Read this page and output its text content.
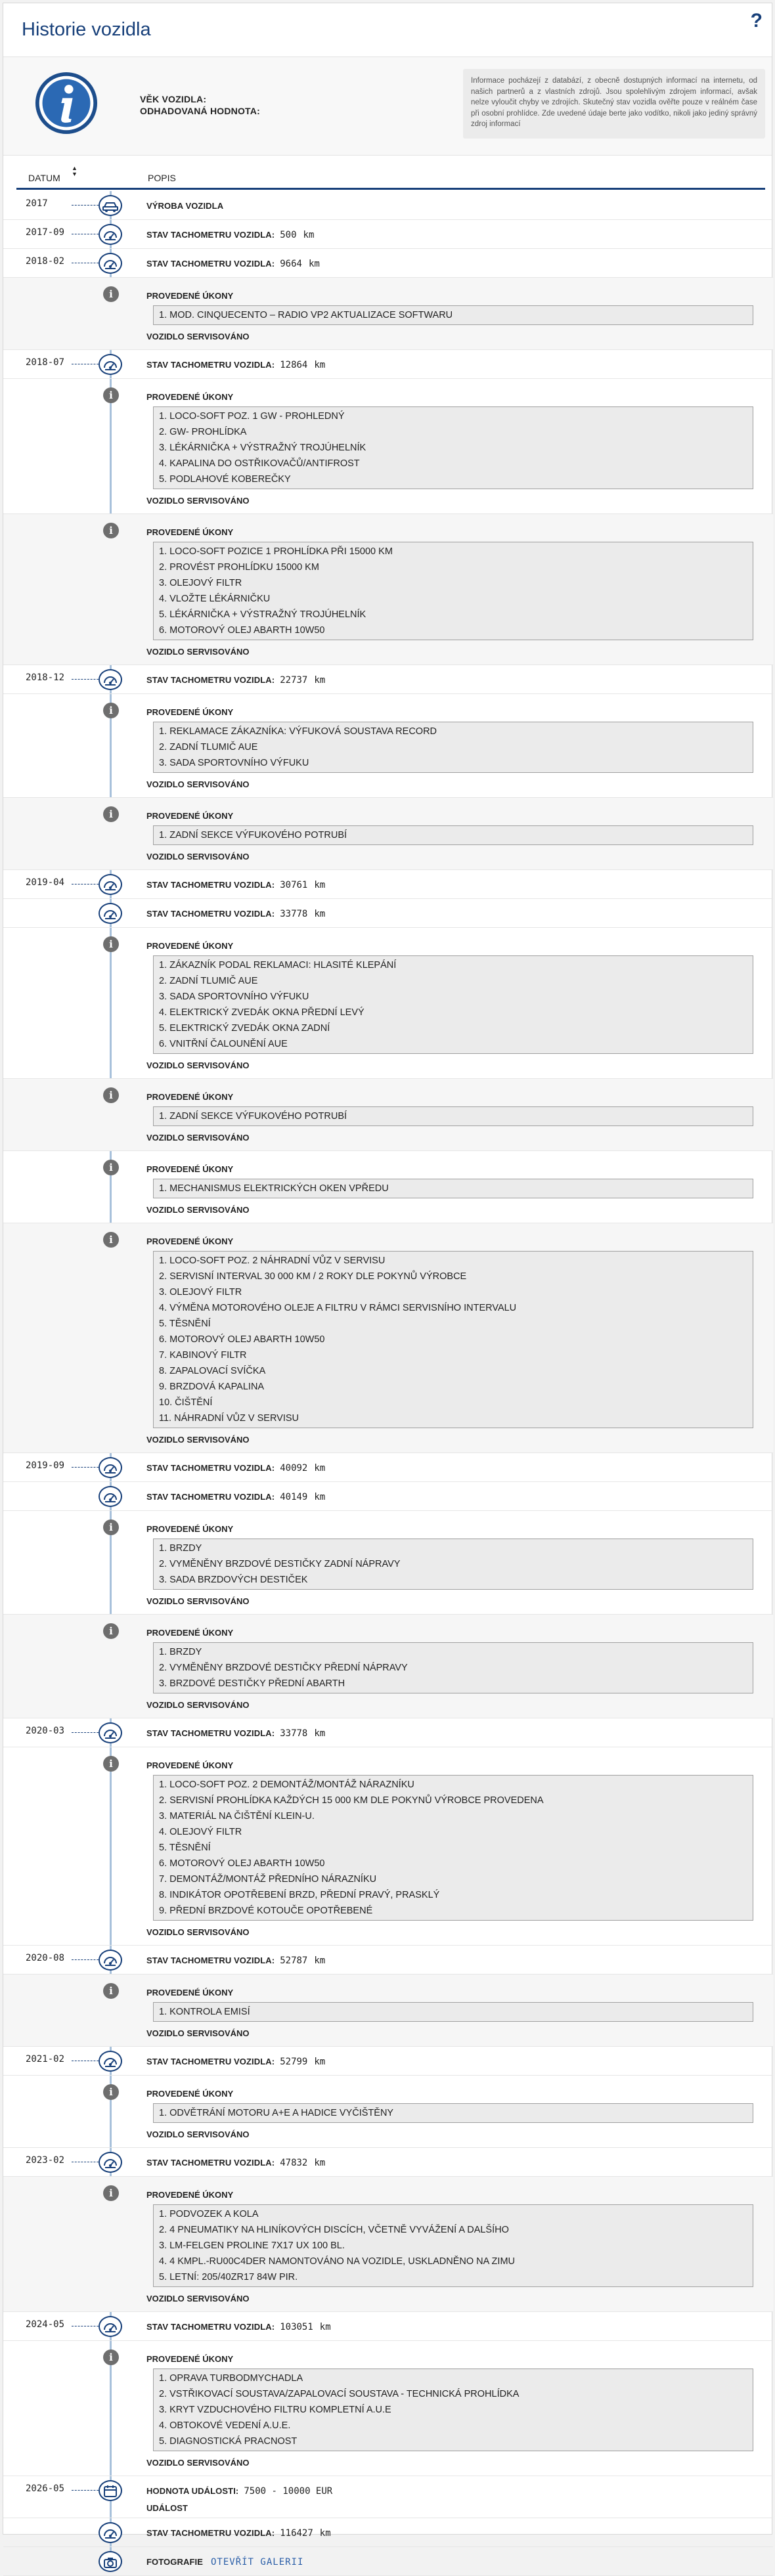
Historie vozidla	?
VĚK VOZIDLA:
ODHADOVANÁ HODNOTA:
Informace pocházejí z databází, z obecně dostupných informací na internetu, od našich partnerů a z vlastních zdrojů. Jsou spolehlivým zdrojem informací, avšak nelze vyloučit chyby ve zdrojích. Skutečný stav vozidla ověřte pouze v reálném čase při osobní prohlídce. Zde uvedené údaje berte jako vodítko, nikoli jako jediný správný zdroj informací
DATUM
▲
▼	POPIS
2017	VÝROBA VOZIDLA
2017-09	STAV TACHOMETRU VOZIDLA: 500 km
2018-02	STAV TACHOMETRU VOZIDLA: 9664 km
i	PROVEDENÉ ÚKONY
1. MOD. CINQUECENTO – RADIO VP2 AKTUALIZACE SOFTWARU
VOZIDLO SERVISOVÁNO
2018-07	STAV TACHOMETRU VOZIDLA: 12864 km
i	PROVEDENÉ ÚKONY
1. LOCO-SOFT POZ. 1 GW - PROHLEDNÝ
2. GW- PROHLÍDKA
3. LÉKÁRNIČKA + VÝSTRAŽNÝ TROJÚHELNÍK
4. KAPALINA DO OSTŘIKOVAČŮ/ANTIFROST
5. PODLAHOVÉ KOBEREČKY
VOZIDLO SERVISOVÁNO
i	PROVEDENÉ ÚKONY
1. LOCO-SOFT POZICE 1 PROHLÍDKA PŘI 15000 KM
2. PROVÉST PROHLÍDKU 15000 KM
3. OLEJOVÝ FILTR
4. VLOŽTE LÉKÁRNIČKU
5. LÉKÁRNIČKA + VÝSTRAŽNÝ TROJÚHELNÍK
6. MOTOROVÝ OLEJ ABARTH 10W50
VOZIDLO SERVISOVÁNO
2018-12	STAV TACHOMETRU VOZIDLA: 22737 km
i	PROVEDENÉ ÚKONY
1. REKLAMACE ZÁKAZNÍKA: VÝFUKOVÁ SOUSTAVA RECORD
2. ZADNÍ TLUMIČ AUE
3. SADA SPORTOVNÍHO VÝFUKU
VOZIDLO SERVISOVÁNO
i	PROVEDENÉ ÚKONY
1. ZADNÍ SEKCE VÝFUKOVÉHO POTRUBÍ
VOZIDLO SERVISOVÁNO
2019-04	STAV TACHOMETRU VOZIDLA: 30761 km
STAV TACHOMETRU VOZIDLA: 33778 km
i	PROVEDENÉ ÚKONY
1. ZÁKAZNÍK PODAL REKLAMACI: HLASITÉ KLEPÁNÍ
2. ZADNÍ TLUMIČ AUE
3. SADA SPORTOVNÍHO VÝFUKU
4. ELEKTRICKÝ ZVEDÁK OKNA PŘEDNÍ LEVÝ
5. ELEKTRICKÝ ZVEDÁK OKNA ZADNÍ
6. VNITŘNÍ ČALOUNĚNÍ AUE
VOZIDLO SERVISOVÁNO
i	PROVEDENÉ ÚKONY
1. ZADNÍ SEKCE VÝFUKOVÉHO POTRUBÍ
VOZIDLO SERVISOVÁNO
i	PROVEDENÉ ÚKONY
1. MECHANISMUS ELEKTRICKÝCH OKEN VPŘEDU
VOZIDLO SERVISOVÁNO
i	PROVEDENÉ ÚKONY
1. LOCO-SOFT POZ. 2 NÁHRADNÍ VŮZ V SERVISU
2. SERVISNÍ INTERVAL 30 000 KM / 2 ROKY DLE POKYNŮ VÝROBCE
3. OLEJOVÝ FILTR
4. VÝMĚNA MOTOROVÉHO OLEJE A FILTRU V RÁMCI SERVISNÍHO INTERVALU
5. TĚSNĚNÍ
6. MOTOROVÝ OLEJ ABARTH 10W50
7. KABINOVÝ FILTR
8. ZAPALOVACÍ SVÍČKA
9. BRZDOVÁ KAPALINA
10. ČIŠTĚNÍ
11. NÁHRADNÍ VŮZ V SERVISU
VOZIDLO SERVISOVÁNO
2019-09	STAV TACHOMETRU VOZIDLA: 40092 km
STAV TACHOMETRU VOZIDLA: 40149 km
i	PROVEDENÉ ÚKONY
1. BRZDY
2. VYMĚNĚNY BRZDOVÉ DESTIČKY ZADNÍ NÁPRAVY
3. SADA BRZDOVÝCH DESTIČEK
VOZIDLO SERVISOVÁNO
i	PROVEDENÉ ÚKONY
1. BRZDY
2. VYMĚNĚNY BRZDOVÉ DESTIČKY PŘEDNÍ NÁPRAVY
3. BRZDOVÉ DESTIČKY PŘEDNÍ ABARTH
VOZIDLO SERVISOVÁNO
2020-03	STAV TACHOMETRU VOZIDLA: 33778 km
i	PROVEDENÉ ÚKONY
1. LOCO-SOFT POZ. 2 DEMONTÁŽ/MONTÁŽ NÁRAZNÍKU
2. SERVISNÍ PROHLÍDKA KAŽDÝCH 15 000 KM DLE POKYNŮ VÝROBCE PROVEDENA
3. MATERIÁL NA ČIŠTĚNÍ KLEIN-U.
4. OLEJOVÝ FILTR
5. TĚSNĚNÍ
6. MOTOROVÝ OLEJ ABARTH 10W50
7. DEMONTÁŽ/MONTÁŽ PŘEDNÍHO NÁRAZNÍKU
8. INDIKÁTOR OPOTŘEBENÍ BRZD, PŘEDNÍ PRAVÝ, PRASKLÝ
9. PŘEDNÍ BRZDOVÉ KOTOUČE OPOTŘEBENÉ
VOZIDLO SERVISOVÁNO
2020-08	STAV TACHOMETRU VOZIDLA: 52787 km
i	PROVEDENÉ ÚKONY
1. KONTROLA EMISÍ
VOZIDLO SERVISOVÁNO
2021-02	STAV TACHOMETRU VOZIDLA: 52799 km
i	PROVEDENÉ ÚKONY
1. ODVĚTRÁNÍ MOTORU A+E A HADICE VYČIŠTĚNY
VOZIDLO SERVISOVÁNO
2023-02	STAV TACHOMETRU VOZIDLA: 47832 km
i	PROVEDENÉ ÚKONY
1. PODVOZEK A KOLA
2. 4 PNEUMATIKY NA HLINÍKOVÝCH DISCÍCH, VČETNĚ VYVÁŽENÍ A DALŠÍHO
3. LM-FELGEN PROLINE 7X17 UX 100 BL.
4. 4 KMPL.-RU00C4DER NAMONTOVÁNO NA VOZIDLE, USKLADNĚNO NA ZIMU
5. LETNÍ: 205/40ZR17 84W PIR.
VOZIDLO SERVISOVÁNO
2024-05	STAV TACHOMETRU VOZIDLA: 103051 km
i	PROVEDENÉ ÚKONY
1. OPRAVA TURBODMYCHADLA
2. VSTŘIKOVACÍ SOUSTAVA/ZAPALOVACÍ SOUSTAVA - TECHNICKÁ PROHLÍDKA
3. KRYT VZDUCHOVÉHO FILTRU KOMPLETNÍ A.U.E
4. OBTOKOVÉ VEDENÍ A.U.E.
5. DIAGNOSTICKÁ PRACNOST
VOZIDLO SERVISOVÁNO
2026-05	HODNOTA UDÁLOSTI: 7500 - 10000 EUR
UDÁLOST
STAV TACHOMETRU VOZIDLA: 116427 km
FOTOGRAFIE OTEVŘÍT GALERII
